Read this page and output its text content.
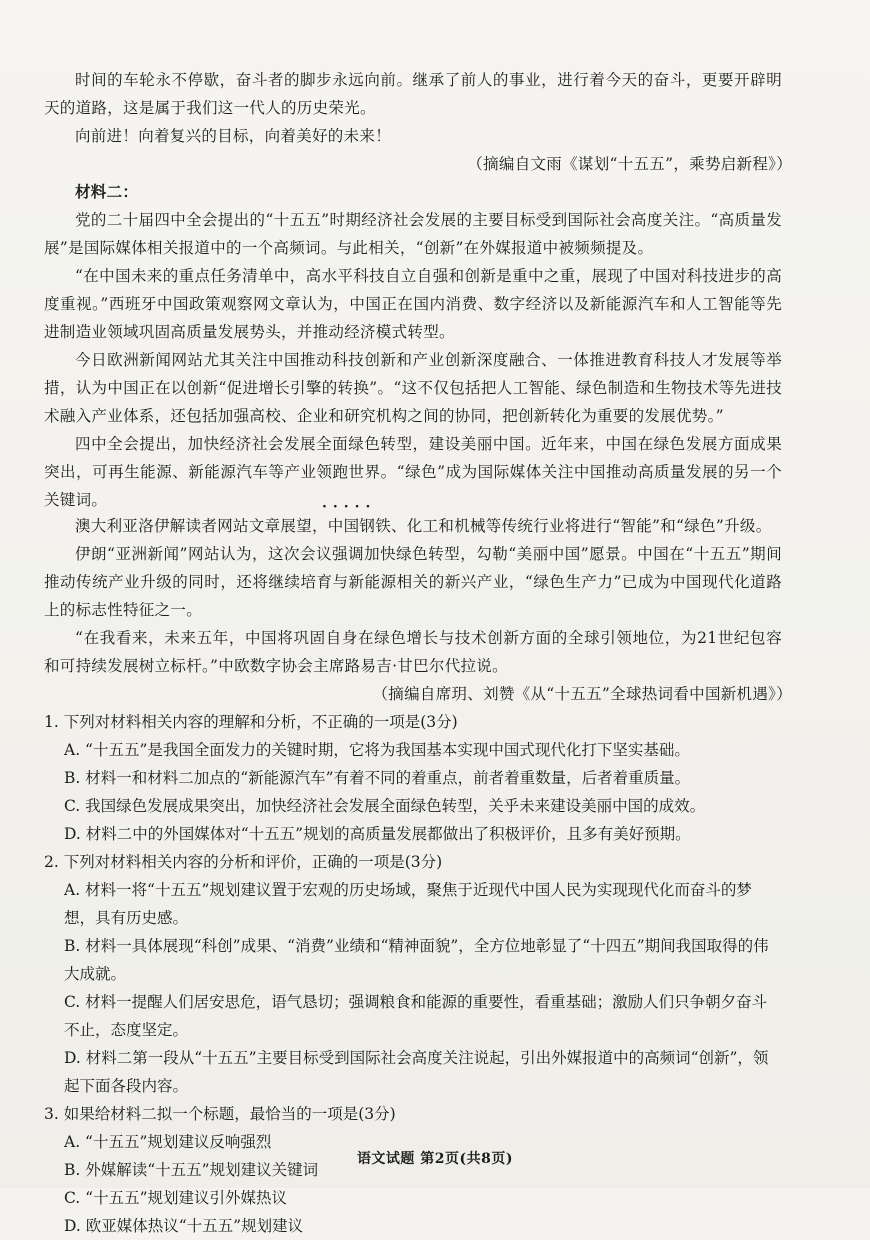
时间的车轮永不停歇，奋斗者的脚步永远向前。继承了前人的事业，进行着今天的奋斗，更要开辟明天的道路，这是属于我们这一代人的历史荣光。

向前进！向着复兴的目标，向着美好的未来！

（摘编自文雨《谋划“十五五”，乘势启新程》）

材料二：

党的二十届四中全会提出的“十五五”时期经济社会发展的主要目标受到国际社会高度关注。“高质量发展”是国际媒体相关报道中的一个高频词。与此相关，“创新”在外媒报道中被频频提及。

“在中国未来的重点任务清单中，高水平科技自立自强和创新是重中之重，展现了中国对科技进步的高度重视。”西班牙中国政策观察网文章认为，中国正在国内消费、数字经济以及新能源汽车和人工智能等先进制造业领域巩固高质量发展势头，并推动经济模式转型。

今日欧洲新闻网站尤其关注中国推动科技创新和产业创新深度融合、一体推进教育科技人才发展等举措，认为中国正在以创新“促进增长引擎的转换”。“这不仅包括把人工智能、绿色制造和生物技术等先进技术融入产业体系，还包括加强高校、企业和研究机构之间的协同，把创新转化为重要的发展优势。”

四中全会提出，加快经济社会发展全面绿色转型，建设美丽中国。近年来，中国在绿色发展方面成果突出，可再生能源、新能源汽车等产业领跑世界。“绿色”成为国际媒体关注中国推动高质量发展的另一个关键词。	·····

澳大利亚洛伊解读者网站文章展望，中国钢铁、化工和机械等传统行业将进行“智能”和“绿色”升级。

伊朗“亚洲新闻”网站认为，这次会议强调加快绿色转型，勾勒“美丽中国”愿景。中国在“十五五”期间推动传统产业升级的同时，还将继续培育与新能源相关的新兴产业，“绿色生产力”已成为中国现代化道路上的标志性特征之一。

“在我看来，未来五年，中国将巩固自身在绿色增长与技术创新方面的全球引领地位，为21世纪包容和可持续发展树立标杆。”中欧数字协会主席路易吉·甘巴尔代拉说。

（摘编自席玥、刘赞《从“十五五”全球热词看中国新机遇》）

1. 下列对材料相关内容的理解和分析，不正确的一项是(3分)

A. “十五五”是我国全面发力的关键时期，它将为我国基本实现中国式现代化打下坚实基础。

B. 材料一和材料二加点的“新能源汽车”有着不同的着重点，前者着重数量，后者着重质量。

C. 我国绿色发展成果突出，加快经济社会发展全面绿色转型，关乎未来建设美丽中国的成效。

D. 材料二中的外国媒体对“十五五”规划的高质量发展都做出了积极评价，且多有美好预期。

2. 下列对材料相关内容的分析和评价，正确的一项是(3分)

A. 材料一将“十五五”规划建议置于宏观的历史场域，聚焦于近现代中国人民为实现现代化而奋斗的梦想，具有历史感。

B. 材料一具体展现“科创”成果、“消费”业绩和“精神面貌”，全方位地彰显了“十四五”期间我国取得的伟大成就。

C. 材料一提醒人们居安思危，语气恳切；强调粮食和能源的重要性，看重基础；激励人们只争朝夕奋斗不止，态度坚定。

D. 材料二第一段从“十五五”主要目标受到国际社会高度关注说起，引出外媒报道中的高频词“创新”，领起下面各段内容。

3. 如果给材料二拟一个标题，最恰当的一项是(3分)

A. “十五五”规划建议反响强烈

B. 外媒解读“十五五”规划建议关键词

C. “十五五”规划建议引外媒热议

D. 欧亚媒体热议“十五五”规划建议

语文试题 第2页(共8页)
